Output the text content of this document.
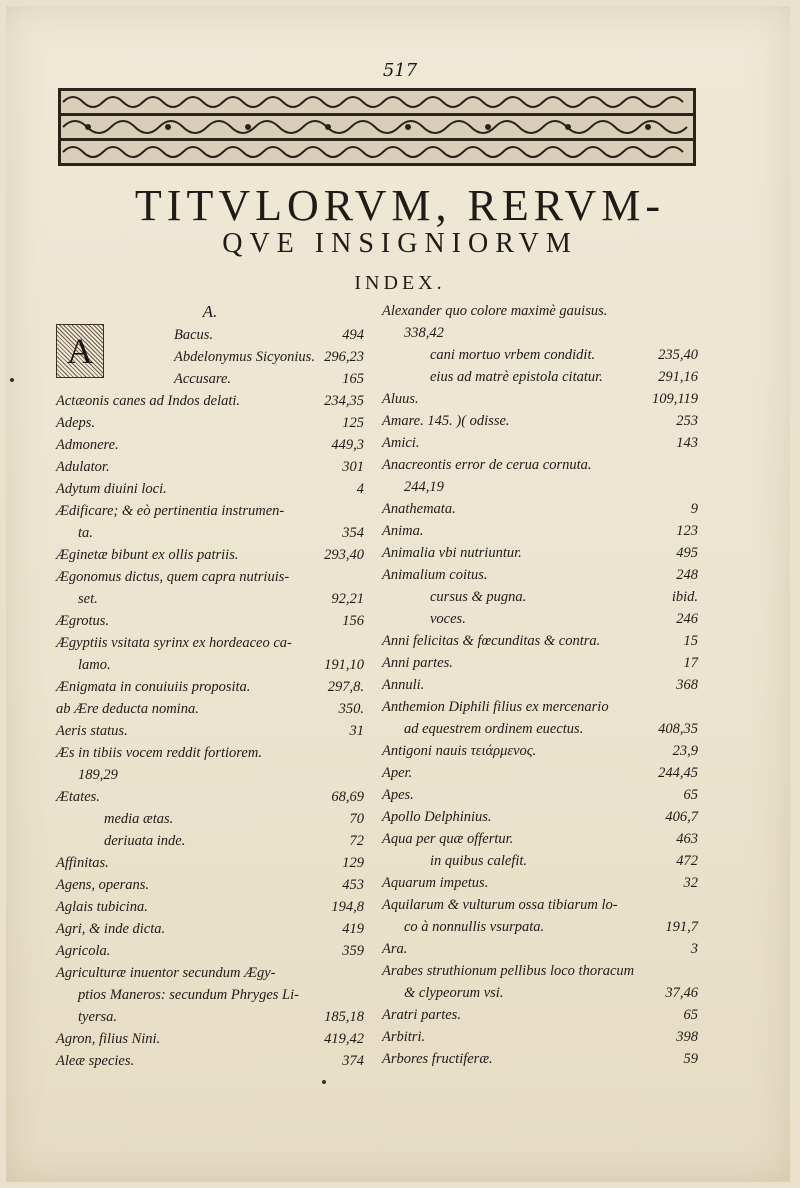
517
TITVLORVM, RERVM-
QVE INSIGNIORVM
INDEX.
A.
A	Bacus.	494
Abdelonymus Sicyonius. 296,23
Accusare.	165
Actæonis canes ad Indos delati.	234,35
Adeps.	125
Admonere.	449,3
Adulator.	301
Adytum diuini loci.	4
Ædificare; & eò pertinentia instrumen-
ta.	354
Æginetæ bibunt ex ollis patriis.	293,40
Ægonomus dictus, quem capra nutriuis-
set.	92,21
Ægrotus.	156
Ægyptiis vsitata syrinx ex hordeaceo ca-
lamo.	191,10
Ænigmata in conuiuiis proposita.	297,8.
ab Ære deducta nomina.	350.
Aeris status.	31
Æs in tibiis vocem reddit fortiorem.
189,29
Ætates.	68,69
media ætas.	70
deriuata inde.	72
Affinitas.	129
Agens, operans.	453
Aglais tubicina.	194,8
Agri, & inde dicta.	419
Agricola.	359
Agriculturæ inuentor secundum Ægy-
ptios Maneros: secundum Phryges Li-
tyersa.	185,18
Agron, filius Nini.	419,42
Aleæ species.	374
Alexander quo colore maximè gauisus.
338,42
cani mortuo vrbem condidit.	235,40
eius ad matrè epistola citatur.	291,16
Aluus.	109,119
Amare. 145. )( odisse.	253
Amici.	143
Anacreontis error de cerua cornuta.
244,19
Anathemata.	9
Anima.	123
Animalia vbi nutriuntur.	495
Animalium coitus.	248
cursus & pugna.	ibid.
voces.	246
Anni felicitas & fœcunditas & contra.	15
Anni partes.	17
Annuli.	368
Anthemion Diphili filius ex mercenario
ad equestrem ordinem euectus.	408,35
Antigoni nauis τειάρμενος.	23,9
Aper.	244,45
Apes.	65
Apollo Delphinius.	406,7
Aqua per quæ offertur.	463
in quibus calefit.	472
Aquarum impetus.	32
Aquilarum & vulturum ossa tibiarum lo-
co à nonnullis vsurpata.	191,7
Ara.	3
Arabes struthionum pellibus loco thoracum
& clypeorum vsi.	37,46
Aratri partes.	65
Arbitri.	398
Arbores fructiferæ.	59
